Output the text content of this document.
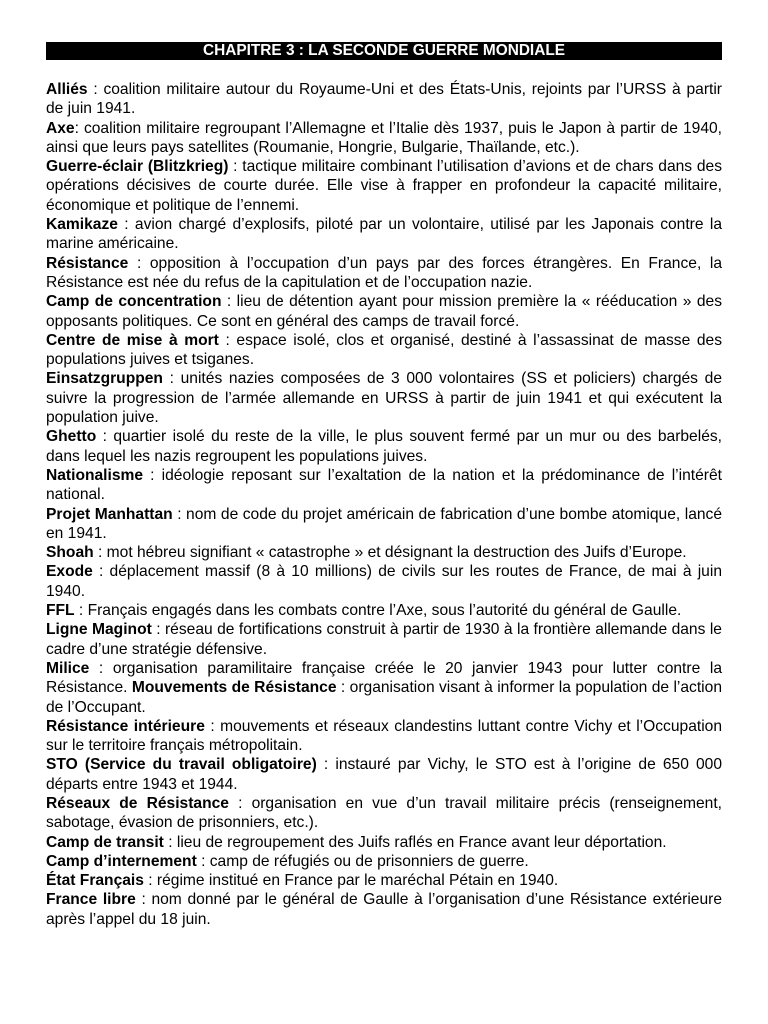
CHAPITRE 3 : LA SECONDE GUERRE MONDIALE

Alliés : coalition militaire autour du Royaume-Uni et des États-Unis, rejoints par l’URSS à partir de juin 1941.

Axe: coalition militaire regroupant l’Allemagne et l’Italie dès 1937, puis le Japon à partir de 1940, ainsi que leurs pays satellites (Roumanie, Hongrie, Bulgarie, Thaïlande, etc.).

Guerre-éclair (Blitzkrieg) : tactique militaire combinant l’utilisation d’avions et de chars dans des opérations décisives de courte durée. Elle vise à frapper en profondeur la capacité militaire, économique et politique de l’ennemi.

Kamikaze : avion chargé d’explosifs, piloté par un volontaire, utilisé par les Japonais contre la marine américaine.

Résistance : opposition à l’occupation d’un pays par des forces étrangères. En France, la Résistance est née du refus de la capitulation et de l’occupation nazie.

Camp de concentration : lieu de détention ayant pour mission première la « rééducation » des opposants politiques. Ce sont en général des camps de travail forcé.

Centre de mise à mort : espace isolé, clos et organisé, destiné à l’assassinat de masse des populations juives et tsiganes.

Einsatzgruppen : unités nazies composées de 3 000 volontaires (SS et policiers) chargés de suivre la progression de l’armée allemande en URSS à partir de juin 1941 et qui exécutent la population juive.

Ghetto : quartier isolé du reste de la ville, le plus souvent fermé par un mur ou des barbelés, dans lequel les nazis regroupent les populations juives.

Nationalisme : idéologie reposant sur l’exaltation de la nation et la prédominance de l’intérêt national.

Projet Manhattan : nom de code du projet américain de fabrication d’une bombe atomique, lancé en 1941.

Shoah : mot hébreu signifiant « catastrophe » et désignant la destruction des Juifs d’Europe.

Exode : déplacement massif (8 à 10 millions) de civils sur les routes de France, de mai à juin 1940.

FFL : Français engagés dans les combats contre l’Axe, sous l’autorité du général de Gaulle.

Ligne Maginot : réseau de fortifications construit à partir de 1930 à la frontière allemande dans le cadre d’une stratégie défensive.

Milice : organisation paramilitaire française créée le 20 janvier 1943 pour lutter contre la Résistance. Mouvements de Résistance : organisation visant à informer la population de l’action de l’Occupant.

Résistance intérieure : mouvements et réseaux clandestins luttant contre Vichy et l’Occupation sur le territoire français métropolitain.

STO (Service du travail obligatoire) : instauré par Vichy, le STO est à l’origine de 650 000 départs entre 1943 et 1944.

Réseaux de Résistance : organisation en vue d’un travail militaire précis (renseignement, sabotage, évasion de prisonniers, etc.).

Camp de transit : lieu de regroupement des Juifs raflés en France avant leur déportation.

Camp d’internement : camp de réfugiés ou de prisonniers de guerre.

État Français : régime institué en France par le maréchal Pétain en 1940.

France libre : nom donné par le général de Gaulle à l’organisation d’une Résistance extérieure après l’appel du 18 juin.
